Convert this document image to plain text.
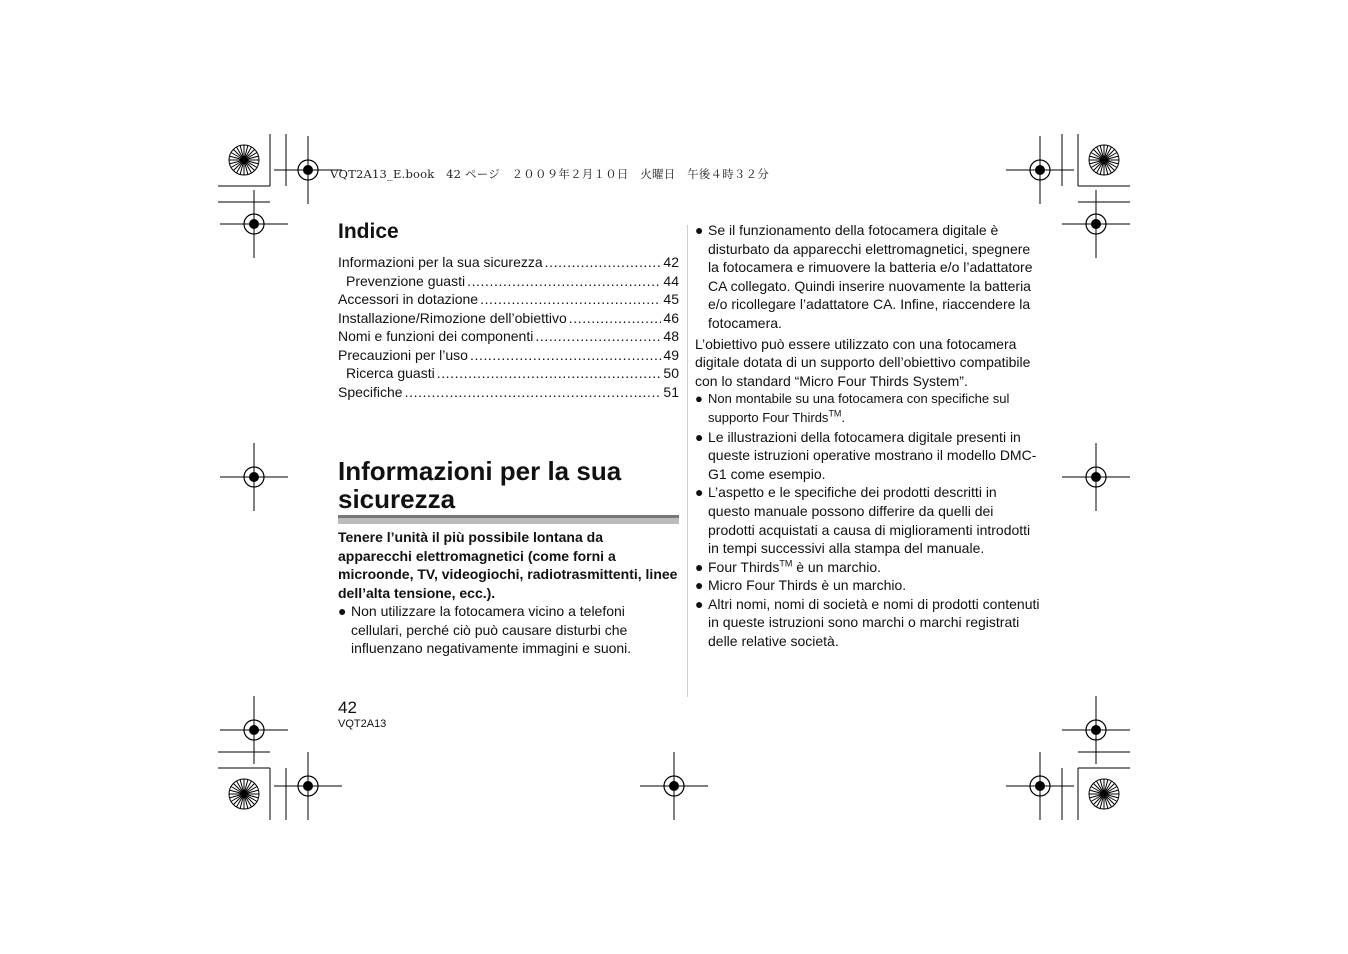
VQT2A13_E.book　42 ページ　２００９年２月１０日　火曜日　午後４時３２分
Indice
Informazioni per la sua sicurezza .....	42
Prevenzione guasti .....	44
Accessori in dotazione .....	45
Installazione/Rimozione dell’obiettivo .....	46
Nomi e funzioni dei componenti .....	48
Precauzioni per l’uso .....	49
Ricerca guasti .....	50
Specifiche .....	51
Informazioni per la sua sicurezza
Tenere l’unità il più possibile lontana da apparecchi elettromagnetici (come forni a microonde, TV, videogiochi, radiotrasmittenti, linee dell’alta tensione, ecc.).
● Non utilizzare la fotocamera vicino a telefoni cellulari, perché ciò può causare disturbi che influenzano negativamente immagini e suoni.
● Se il funzionamento della fotocamera digitale è disturbato da apparecchi elettromagnetici, spegnere la fotocamera e rimuovere la batteria e/o l’adattatore CA collegato. Quindi inserire nuovamente la batteria e/o ricollegare l’adattatore CA. Infine, riaccendere la fotocamera.

L’obiettivo può essere utilizzato con una fotocamera digitale dotata di un supporto dell’obiettivo compatibile con lo standard “Micro Four Thirds System”.

● Non montabile su una fotocamera con specifiche sul supporto Four Thirds™.
● Le illustrazioni della fotocamera digitale presenti in queste istruzioni operative mostrano il modello DMC-G1 come esempio.
● L’aspetto e le specifiche dei prodotti descritti in questo manuale possono differire da quelli dei prodotti acquistati a causa di miglioramenti introdotti in tempi successivi alla stampa del manuale.
● Four Thirds™ è un marchio.
● Micro Four Thirds è un marchio.
● Altri nomi, nomi di società e nomi di prodotti contenuti in queste istruzioni sono marchi o marchi registrati delle relative società.
42
VQT2A13
